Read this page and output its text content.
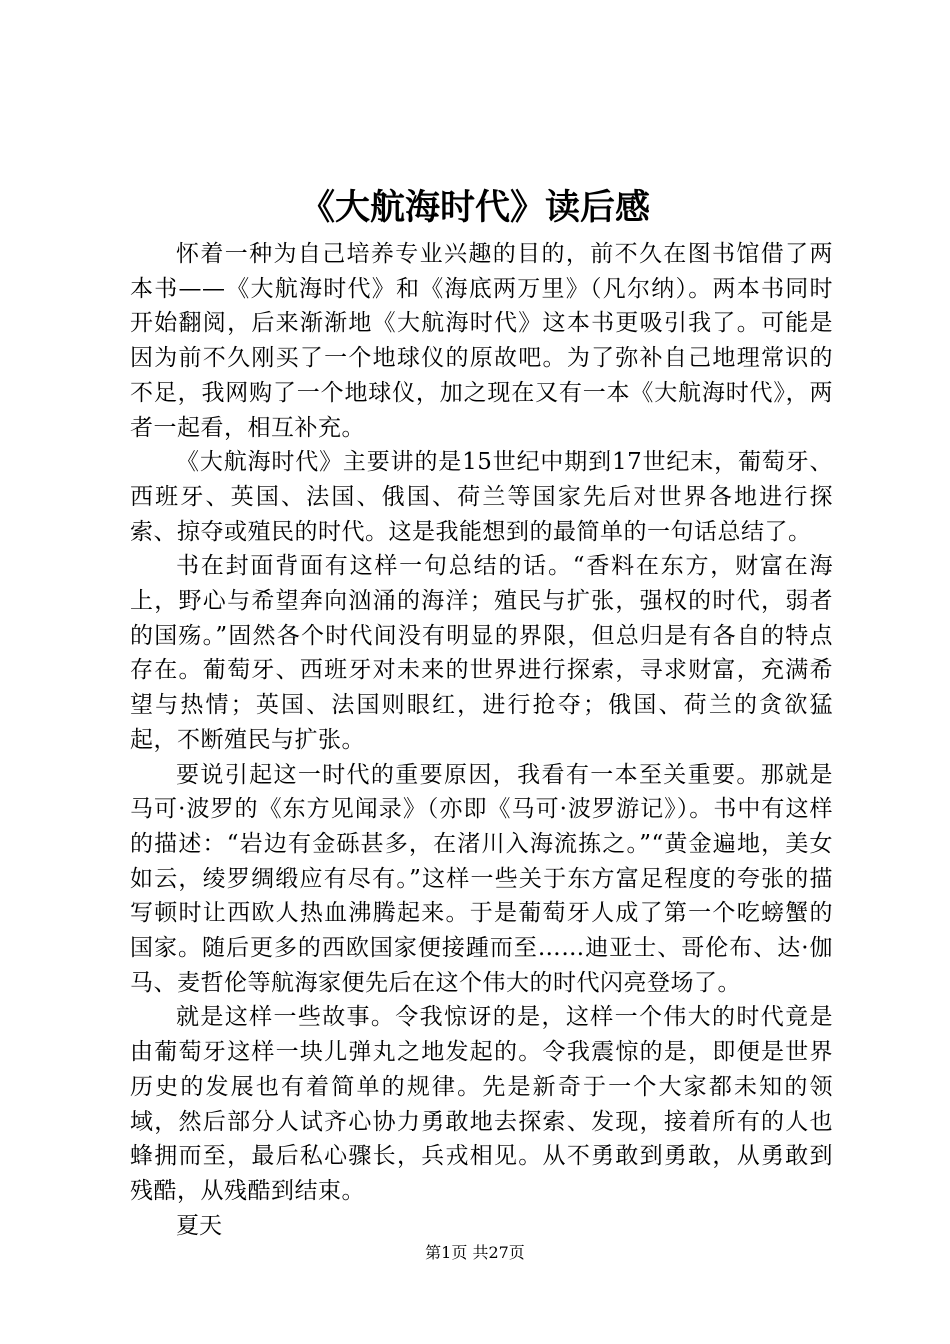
《大航海时代》读后感

怀着一种为自己培养专业兴趣的目的，前不久在图书馆借了两本书——《大航海时代》和《海底两万里》（凡尔纳）。两本书同时开始翻阅，后来渐渐地《大航海时代》这本书更吸引我了。可能是因为前不久刚买了一个地球仪的原故吧。为了弥补自己地理常识的不足，我网购了一个地球仪，加之现在又有一本《大航海时代》，两者一起看，相互补充。

《大航海时代》主要讲的是15世纪中期到17世纪末，葡萄牙、西班牙、英国、法国、俄国、荷兰等国家先后对世界各地进行探索、掠夺或殖民的时代。这是我能想到的最简单的一句话总结了。

书在封面背面有这样一句总结的话。“香料在东方，财富在海上，野心与希望奔向汹涌的海洋；殖民与扩张，强权的时代，弱者的国殇。”固然各个时代间没有明显的界限，但总归是有各自的特点存在。葡萄牙、西班牙对未来的世界进行探索，寻求财富，充满希望与热情；英国、法国则眼红，进行抢夺；俄国、荷兰的贪欲猛起，不断殖民与扩张。

要说引起这一时代的重要原因，我看有一本至关重要。那就是马可·波罗的《东方见闻录》（亦即《马可·波罗游记》）。书中有这样的描述：“岩边有金砾甚多，在渚川入海流拣之。”“黄金遍地，美女如云，绫罗绸缎应有尽有。”这样一些关于东方富足程度的夸张的描写顿时让西欧人热血沸腾起来。于是葡萄牙人成了第一个吃螃蟹的国家。随后更多的西欧国家便接踵而至……迪亚士、哥伦布、达·伽马、麦哲伦等航海家便先后在这个伟大的时代闪亮登场了。

就是这样一些故事。令我惊讶的是，这样一个伟大的时代竟是由葡萄牙这样一块儿弹丸之地发起的。令我震惊的是，即便是世界历史的发展也有着简单的规律。先是新奇于一个大家都未知的领域，然后部分人试齐心协力勇敢地去探索、发现，接着所有的人也蜂拥而至，最后私心骤长，兵戎相见。从不勇敢到勇敢，从勇敢到残酷，从残酷到结束。

夏天

第1页 共27页
